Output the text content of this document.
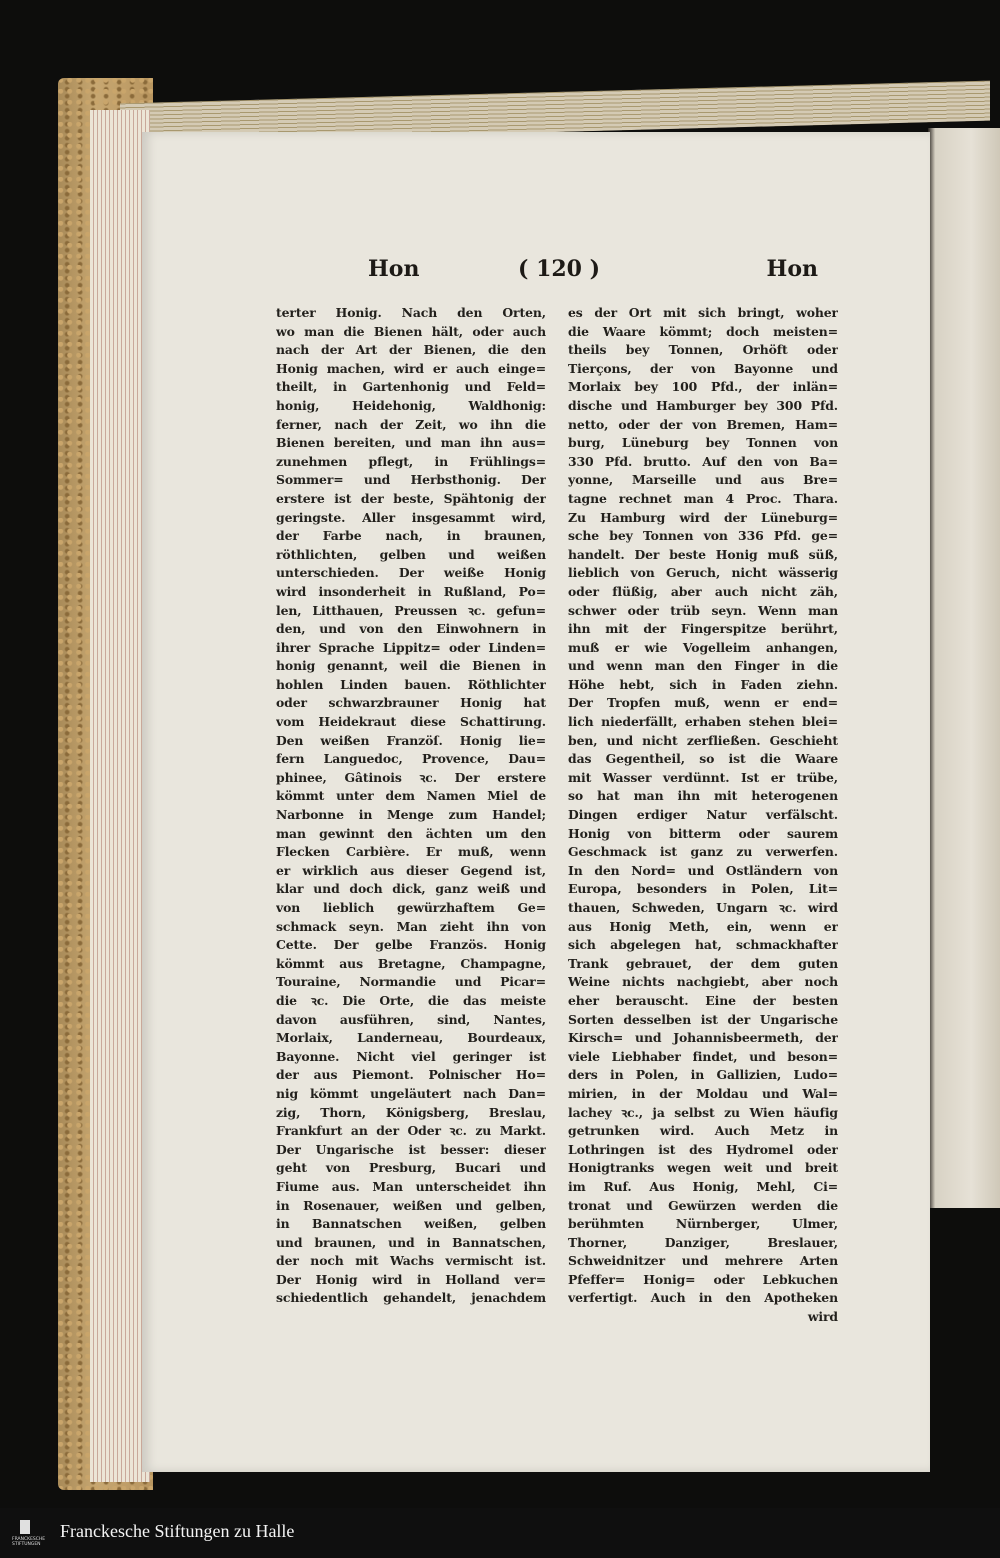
Hon	( 120 )	Hon
terter Honig. Nach den Orten,
wo man die Bienen hält, oder auch
nach der Art der Bienen, die den
Honig machen, wird er auch einge=
theilt, in Gartenhonig und Feld=
honig, Heidehonig, Waldhonig:
ferner, nach der Zeit, wo ihn die
Bienen bereiten, und man ihn aus=
zunehmen pflegt, in Frühlings=
Sommer= und Herbsthonig. Der
erstere ist der beste, Spähtonig der
geringste. Aller insgesammt wird,
der Farbe nach, in braunen,
röthlichten, gelben und weißen
unterschieden. Der weiße Honig
wird insonderheit in Rußland, Po=
len, Litthauen, Preussen ꝛc. gefun=
den, und von den Einwohnern in
ihrer Sprache Lippitz= oder Linden=
honig genannt, weil die Bienen in
hohlen Linden bauen. Röthlichter
oder schwarzbrauner Honig hat
vom Heidekraut diese Schattirung.
Den weißen Franzöſ. Honig lie=
fern Languedoc, Provence, Dau=
phinee, Gâtinois ꝛc. Der erstere
kömmt unter dem Namen Miel de
Narbonne in Menge zum Handel;
man gewinnt den ächten um den
Flecken Carbière. Er muß, wenn
er wirklich aus dieser Gegend ist,
klar und doch dick, ganz weiß und
von lieblich gewürzhaftem Ge=
schmack seyn. Man zieht ihn von
Cette. Der gelbe Französ. Honig
kömmt aus Bretagne, Champagne,
Touraine, Normandie und Picar=
die ꝛc. Die Orte, die das meiste
davon ausführen, sind, Nantes,
Morlaix, Landerneau, Bourdeaux,
Bayonne. Nicht viel geringer ist
der aus Piemont. Polnischer Ho=
nig kömmt ungeläutert nach Dan=
zig, Thorn, Königsberg, Breslau,
Frankfurt an der Oder ꝛc. zu Markt.
Der Ungarische ist besser: dieser
geht von Presburg, Bucari und
Fiume aus. Man unterscheidet ihn
in Rosenauer, weißen und gelben,
in Bannatschen weißen, gelben
und braunen, und in Bannatschen,
der noch mit Wachs vermischt ist.
Der Honig wird in Holland ver=
schiedentlich gehandelt, jenachdem
es der Ort mit sich bringt, woher
die Waare kömmt; doch meisten=
theils bey Tonnen, Orhöft oder
Tierçons, der von Bayonne und
Morlaix bey 100 Pfd., der inlän=
dische und Hamburger bey 300 Pfd.
netto, oder der von Bremen, Ham=
burg, Lüneburg bey Tonnen von
330 Pfd. brutto. Auf den von Ba=
yonne, Marseille und aus Bre=
tagne rechnet man 4 Proc. Thara.
Zu Hamburg wird der Lüneburg=
sche bey Tonnen von 336 Pfd. ge=
handelt. Der beste Honig muß süß,
lieblich von Geruch, nicht wässerig
oder flüßig, aber auch nicht zäh,
schwer oder trüb seyn. Wenn man
ihn mit der Fingerspitze berührt,
muß er wie Vogelleim anhangen,
und wenn man den Finger in die
Höhe hebt, sich in Faden ziehn.
Der Tropfen muß, wenn er end=
lich niederfällt, erhaben stehen blei=
ben, und nicht zerfließen. Geschieht
das Gegentheil, so ist die Waare
mit Wasser verdünnt. Ist er trübe,
so hat man ihn mit heterogenen
Dingen erdiger Natur verfälscht.
Honig von bitterm oder saurem
Geschmack ist ganz zu verwerfen.
In den Nord= und Ostländern von
Europa, besonders in Polen, Lit=
thauen, Schweden, Ungarn ꝛc. wird
aus Honig Meth, ein, wenn er
sich abgelegen hat, schmackhafter
Trank gebrauet, der dem guten
Weine nichts nachgiebt, aber noch
eher berauscht. Eine der besten
Sorten desselben ist der Ungarische
Kirsch= und Johannisbeermeth, der
viele Liebhaber findet, und beson=
ders in Polen, in Gallizien, Ludo=
mirien, in der Moldau und Wal=
lachey ꝛc., ja selbst zu Wien häufig
getrunken wird. Auch Metz in
Lothringen ist des Hydromel oder
Honigtranks wegen weit und breit
im Ruf. Aus Honig, Mehl, Ci=
tronat und Gewürzen werden die
berühmten Nürnberger, Ulmer,
Thorner, Danziger, Breslauer,
Schweidnitzer und mehrere Arten
Pfeffer= Honig= oder Lebkuchen
verfertigt. Auch in den Apotheken
wird
FRANCKESCHE
STIFTUNGEN
Franckesche Stiftungen zu Halle
